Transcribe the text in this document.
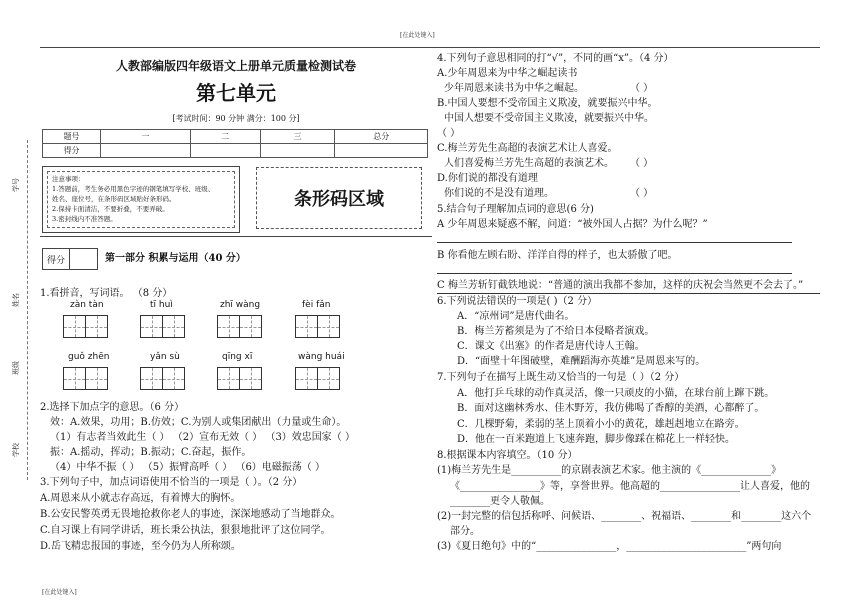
[在此处键入]
[在此处键入]
学号
姓名
班级
学校
人教部编版四年级语文上册单元质量检测试卷
第七单元
[考试时间：90 分钟 满分：100 分]
题号	一	二	三	总分
得分				
注意事项：
1.答题前，考生务必用黑色字迹的钢笔填写学校、班级、
姓名、座位号，在条形码区域贴好条形码。
2.保持卡面清洁，不要折叠，不要弄破。
3.密封线内不准答题。
条形码区域
得分	第一部分 积累与运用（40 分）
1.看拼音，写词语。 （8 分）
zàn tàn	tī huì	zhī wàng	fèi fǎn
guǒ zhēn	yǎn sù	qīng xī	wàng huái
2.选择下加点字的意思。（6 分）
效：A.效果，功用；B.仿效；C.为别人或集团献出（力量或生命）。
（1）有志者当效此生（ ） （2）宣布无效（ ） （3）效忠国家（ ）
振：A.摇动，挥动；B.振动；C.奋起，振作。
（4）中华不振（ ） （5）振臂高呼（ ） （6）电磁振荡（ ）
3.下列句子中，加点词语使用不恰当的一项是（ ）。（2 分）
A.周恩来从小就志存高远，有着博大的胸怀。
B.公安民警英勇无畏地抢救你老人的事迹，深深地感动了当地群众。
C.自习课上有同学讲话，班长秉公执法，狠狠地批评了这位同学。
D.岳飞精忠报国的事迹，至今仍为人所称颂。
4.下列句子意思相同的打“√”，不同的画“x”。（4 分）
A.少年周恩来为中华之崛起读书
少年周恩来读书为中华之崛起。	（ ）
B.中国人要想不受帝国主义欺凌，就要振兴中华。
中国人想要不受帝国主义欺凌，就要振兴中华。
（ ）
C.梅兰芳先生高超的表演艺术让人喜爱。
人们喜爱梅兰芳先生高超的表演艺术。 （ ）
D.你们说的都没有道理
你们说的不是没有道理。	（ ）
5.结合句子理解加点词的意思(6 分)
A 少年周恩来疑惑不解，问道：“被外国人占据？为什么呢？”
B 你看他左顾右盼、洋洋自得的样子，也太骄傲了吧。
C 梅兰芳斩钉截铁地说：“普通的演出我都不参加，这样的庆祝会当然更不会去了。”
6.下列说法错误的一项是( )（2 分）
A．“凉州词”是唐代曲名。
B．梅兰芳蓄须是为了不给日本侵略者演戏。
C．课文《出塞》的作者是唐代诗人王翰。
D．“面壁十年图破壁，难酬蹈海亦英雄”是周恩来写的。
7.下列句子在描写上既生动又恰当的一句是（ ）（2 分）
A．他打乒乓球的动作真灵活，像一只顽皮的小猫，在球台前上蹿下跳。
B．面对这幽林秀水、佳木野芳，我仿佛喝了香醇的美酒，心都醉了。
C．几棵野菊，柔弱的茎上顶着小小的黄花，雄赳赳地立在路旁。
D．他在一百米跑道上飞速奔跑，脚步像踩在棉花上一样轻快。
8.根据课本内容填空。（10 分）
(1)梅兰芳先生是__________的京剧表演艺术家。他主演的《______________》
《________________》等，享誉世界。他高超的________________让人喜爱，他的
________更令人敬佩。
(2)一封完整的信包括称呼、问候语、________、祝福语、________和________这六个
部分。
(3)《夏日绝句》中的“________________，________________________”两句向
